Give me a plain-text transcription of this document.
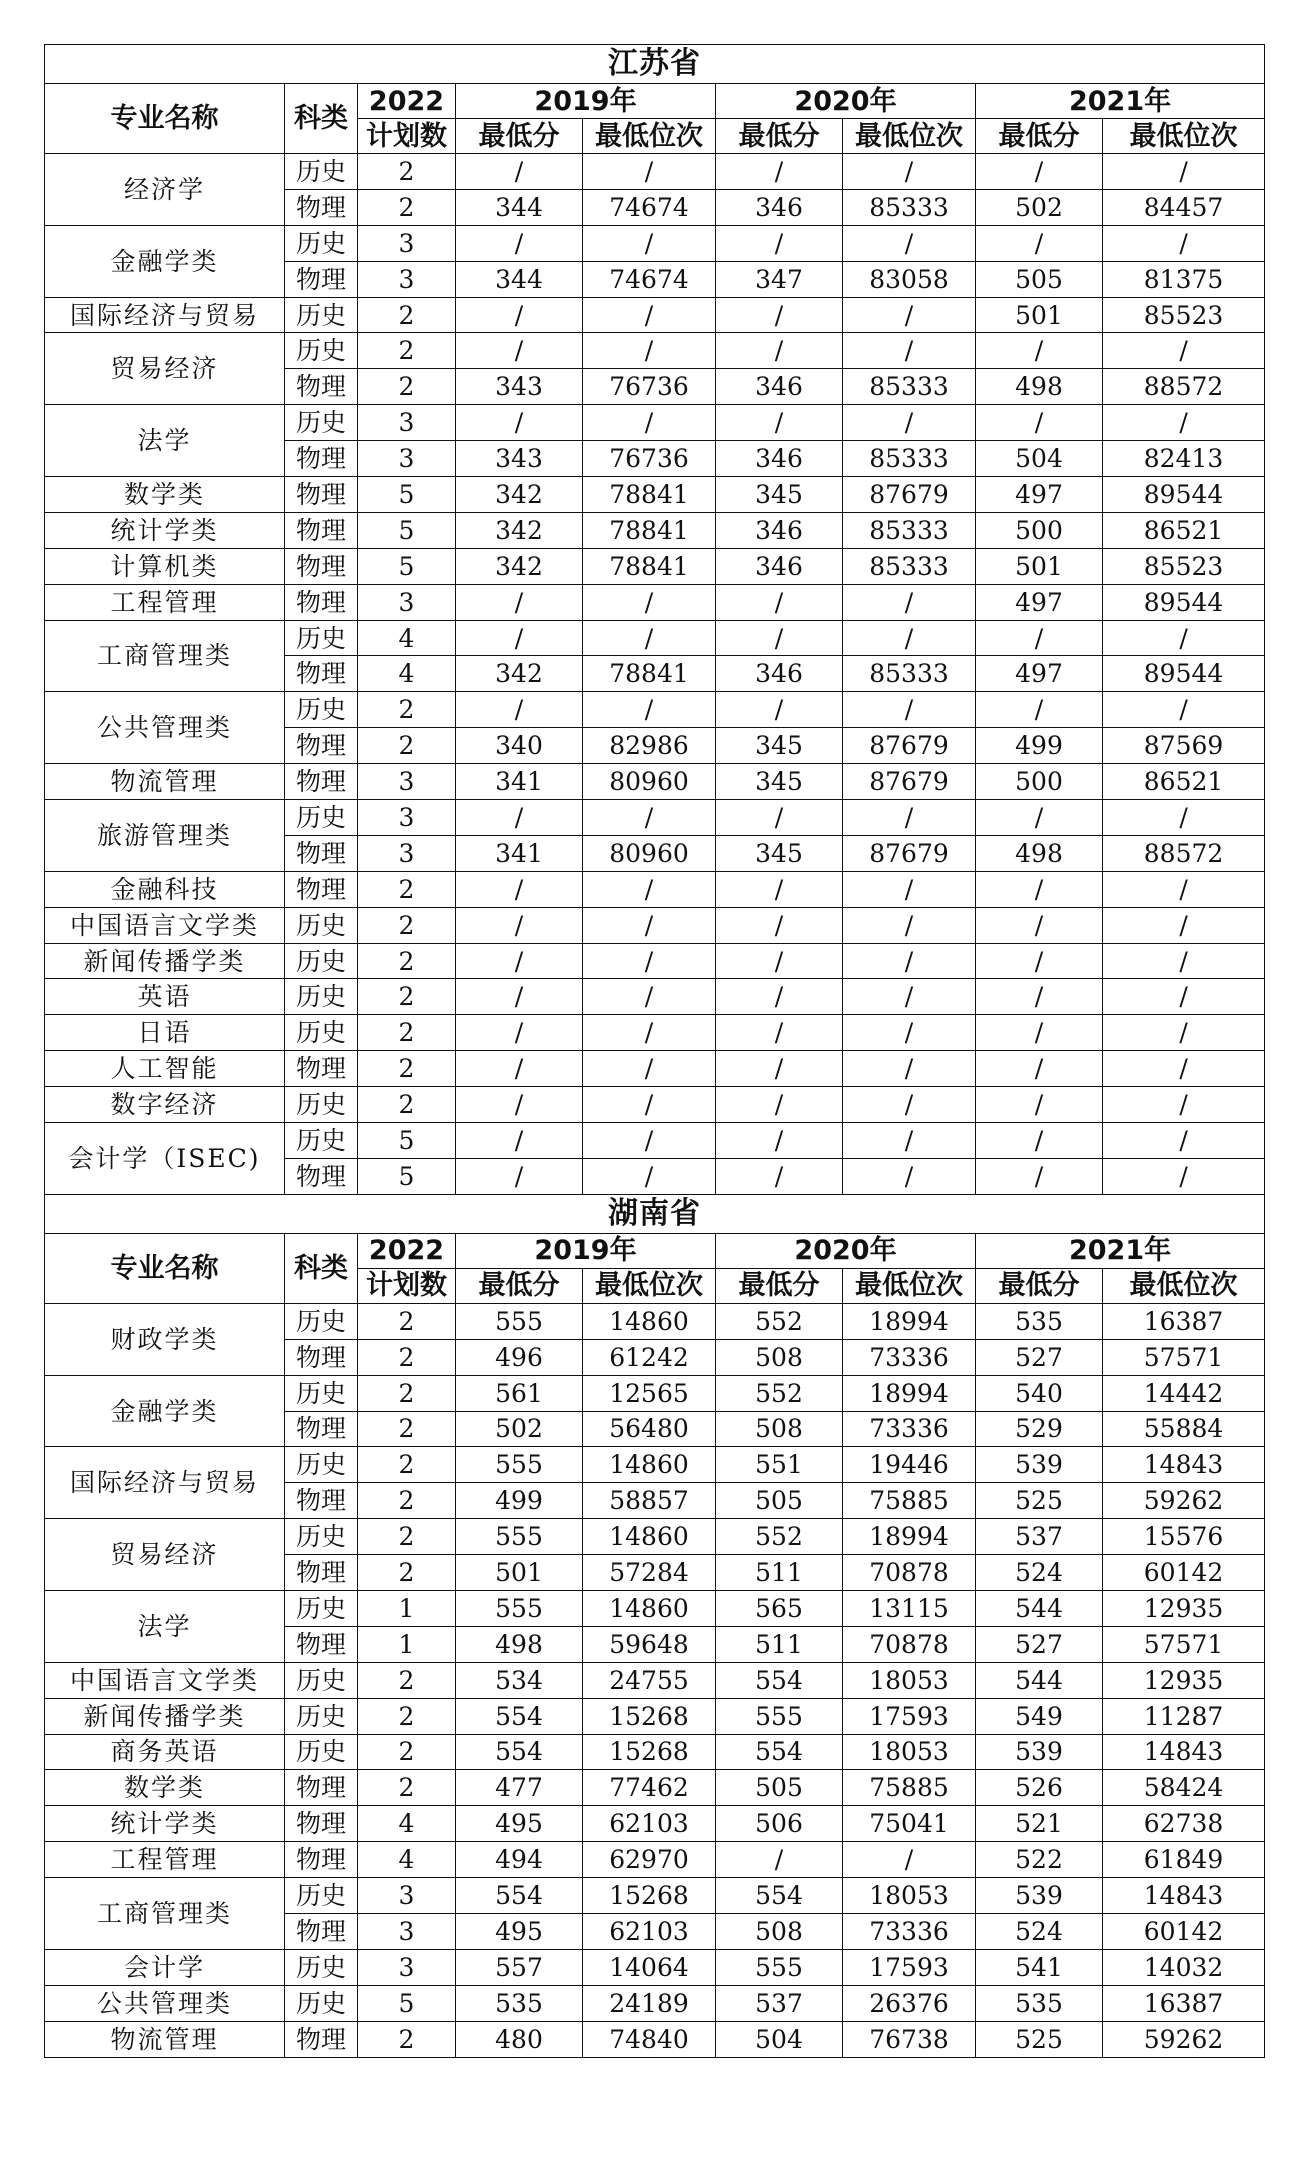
江苏省								
专业名称	科类	2022	2019年		2020年		2021年	
		计划数	最低分	最低位次	最低分	最低位次	最低分	最低位次
经济学	历史	2	/	/	/	/	/	/
	物理	2	344	74674	346	85333	502	84457
金融学类	历史	3	/	/	/	/	/	/
	物理	3	344	74674	347	83058	505	81375
国际经济与贸易	历史	2	/	/	/	/	501	85523
贸易经济	历史	2	/	/	/	/	/	/
	物理	2	343	76736	346	85333	498	88572
法学	历史	3	/	/	/	/	/	/
	物理	3	343	76736	346	85333	504	82413
数学类	物理	5	342	78841	345	87679	497	89544
统计学类	物理	5	342	78841	346	85333	500	86521
计算机类	物理	5	342	78841	346	85333	501	85523
工程管理	物理	3	/	/	/	/	497	89544
工商管理类	历史	4	/	/	/	/	/	/
	物理	4	342	78841	346	85333	497	89544
公共管理类	历史	2	/	/	/	/	/	/
	物理	2	340	82986	345	87679	499	87569
物流管理	物理	3	341	80960	345	87679	500	86521
旅游管理类	历史	3	/	/	/	/	/	/
	物理	3	341	80960	345	87679	498	88572
金融科技	物理	2	/	/	/	/	/	/
中国语言文学类	历史	2	/	/	/	/	/	/
新闻传播学类	历史	2	/	/	/	/	/	/
英语	历史	2	/	/	/	/	/	/
日语	历史	2	/	/	/	/	/	/
人工智能	物理	2	/	/	/	/	/	/
数字经济	历史	2	/	/	/	/	/	/
会计学（ISEC)	历史	5	/	/	/	/	/	/
	物理	5	/	/	/	/	/	/
湖南省								
专业名称	科类	2022	2019年		2020年		2021年	
		计划数	最低分	最低位次	最低分	最低位次	最低分	最低位次
财政学类	历史	2	555	14860	552	18994	535	16387
	物理	2	496	61242	508	73336	527	57571
金融学类	历史	2	561	12565	552	18994	540	14442
	物理	2	502	56480	508	73336	529	55884
国际经济与贸易	历史	2	555	14860	551	19446	539	14843
	物理	2	499	58857	505	75885	525	59262
贸易经济	历史	2	555	14860	552	18994	537	15576
	物理	2	501	57284	511	70878	524	60142
法学	历史	1	555	14860	565	13115	544	12935
	物理	1	498	59648	511	70878	527	57571
中国语言文学类	历史	2	534	24755	554	18053	544	12935
新闻传播学类	历史	2	554	15268	555	17593	549	11287
商务英语	历史	2	554	15268	554	18053	539	14843
数学类	物理	2	477	77462	505	75885	526	58424
统计学类	物理	4	495	62103	506	75041	521	62738
工程管理	物理	4	494	62970	/	/	522	61849
工商管理类	历史	3	554	15268	554	18053	539	14843
	物理	3	495	62103	508	73336	524	60142
会计学	历史	3	557	14064	555	17593	541	14032
公共管理类	历史	5	535	24189	537	26376	535	16387
物流管理	物理	2	480	74840	504	76738	525	59262
